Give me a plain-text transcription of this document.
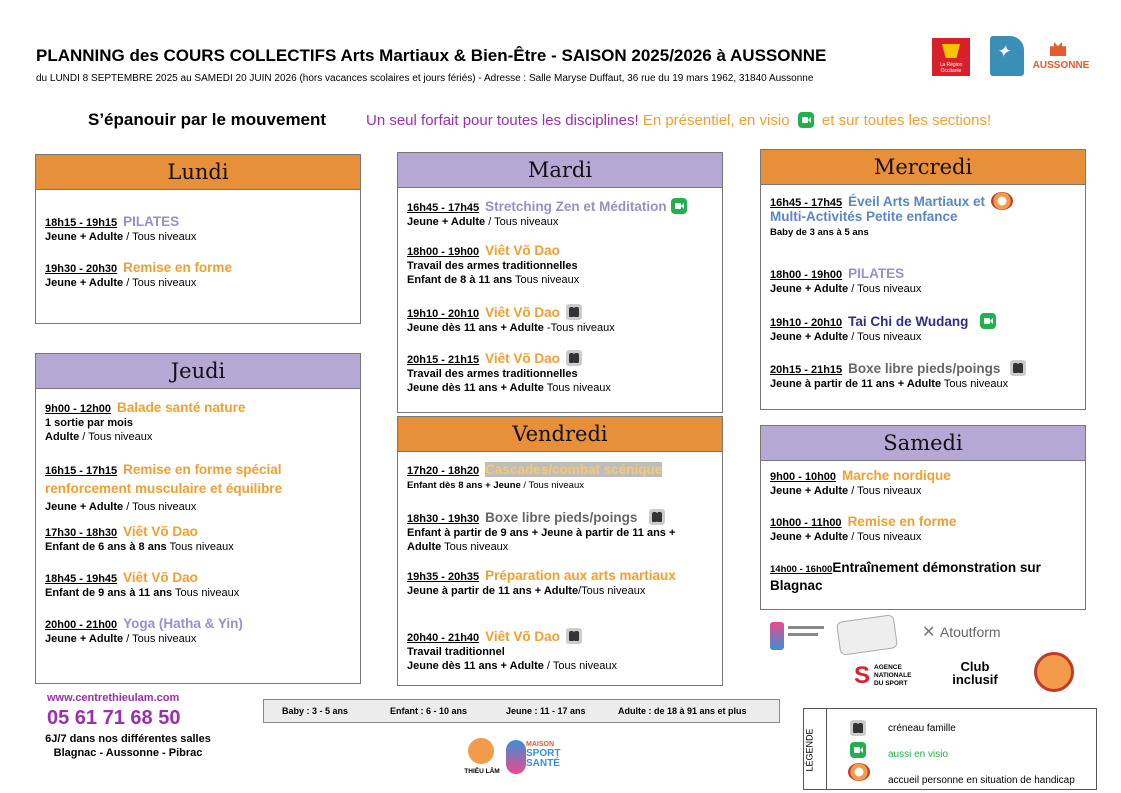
PLANNING des COURS COLLECTIFS Arts Martiaux & Bien-Être - SAISON 2025/2026 à AUSSONNE
du LUNDI 8 SEPTEMBRE 2025 au SAMEDI 20 JUIN 2026 (hors vacances scolaires et jours fériés) - Adresse : Salle Maryse Duffaut, 36 rue du 19 mars 1962, 31840 Aussonne
La Région Occitanie
✦
AUSSONNE
S’épanouir par le mouvement	Un seul forfait pour toutes les disciplines! En présentiel, en visio et sur toutes les sections!
Lundi
18h15 - 19h15 PILATES
Jeune + Adulte / Tous niveaux
19h30 - 20h30 Remise en forme
Jeune + Adulte / Tous niveaux
Mardi
16h45 - 17h45 Stretching Zen et Méditation
Jeune + Adulte / Tous niveaux
18h00 - 19h00 Viêt Võ Dao
Travail des armes traditionnelles
Enfant de 8 à 11 ans Tous niveaux
19h10 - 20h10 Viêt Võ Dao
Jeune dès 11 ans + Adulte -Tous niveaux
20h15 - 21h15 Viêt Võ Dao
Travail des armes traditionnelles
Jeune dès 11 ans + Adulte Tous niveaux
Mercredi
16h45 - 17h45 Éveil Arts Martiaux et
Multi-Activités Petite enfance
Baby de 3 ans à 5 ans
18h00 - 19h00 PILATES
Jeune + Adulte / Tous niveaux
19h10 - 20h10 Tai Chi de Wudang
Jeune + Adulte / Tous niveaux
20h15 - 21h15 Boxe libre pieds/poings
Jeune à partir de 11 ans + Adulte Tous niveaux
Jeudi
9h00 - 12h00 Balade santé nature
1 sortie par mois
Adulte / Tous niveaux
16h15 - 17h15 Remise en forme spécial
renforcement musculaire et équilibre
Jeune + Adulte / Tous niveaux
17h30 - 18h30 Viêt Võ Dao
Enfant de 6 ans à 8 ans Tous niveaux
18h45 - 19h45 Viêt Võ Dao
Enfant de 9 ans à 11 ans Tous niveaux
20h00 - 21h00 Yoga (Hatha & Yin)
Jeune + Adulte / Tous niveaux
Vendredi
17h20 - 18h20 Cascades/combat scénique
Enfant dès 8 ans + Jeune / Tous niveaux
18h30 - 19h30 Boxe libre pieds/poings
Enfant à partir de 9 ans + Jeune à partir de 11 ans +
Adulte Tous niveaux
19h35 - 20h35 Préparation aux arts martiaux
Jeune à partir de 11 ans + Adulte/Tous niveaux
20h40 - 21h40 Viêt Võ Dao
Travail traditionnel
Jeune dès 11 ans + Adulte / Tous niveaux
Samedi
9h00 - 10h00 Marche nordique
Jeune + Adulte / Tous niveaux
10h00 - 11h00 Remise en forme
Jeune + Adulte / Tous niveaux
14h00 - 16h00Entraînement démonstration sur
Blagnac
✕ Atoutform
S AGENCE
NATIONALE
DU SPORT
Club
inclusif
www.centrethieulam.com
05 61 71 68 50
6J/7 dans nos différentes salles
Blagnac - Aussonne - Pibrac
Baby : 3 - 5 ans	Enfant : 6 - 10 ans	Jeune : 11 - 17 ans	Adulte : de 18 à 91 ans et plus
THIÊU LÂM
MAISON
SPORT
SANTÉ	LÉGENDE	créneau famille
aussi en visio
accueil personne en situation de handicap
